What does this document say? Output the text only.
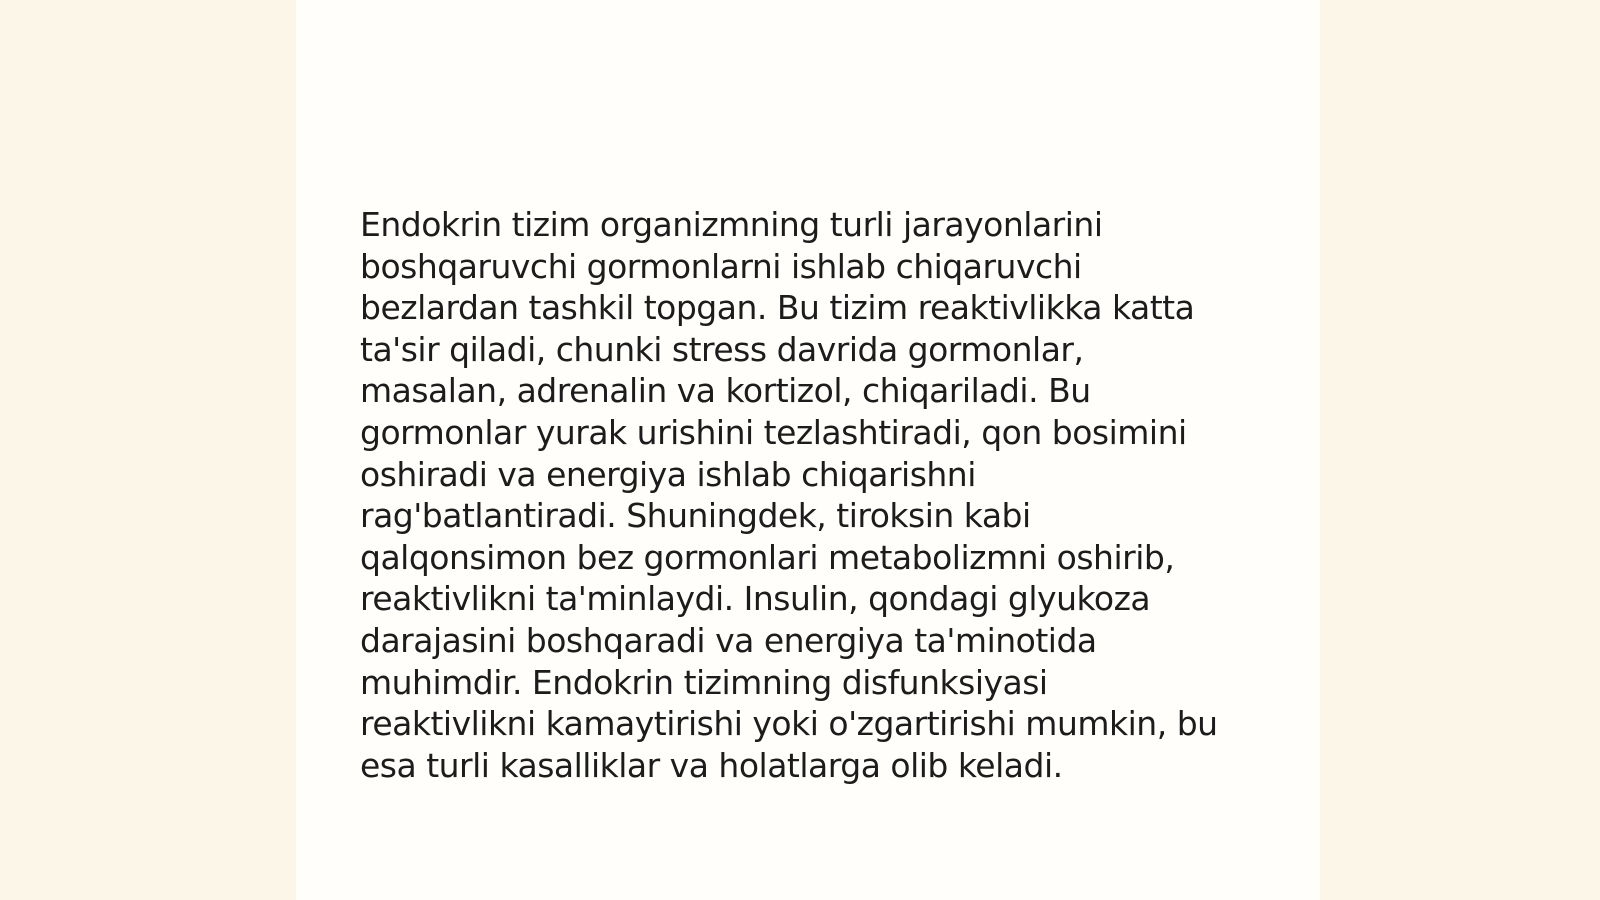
Endokrin tizim organizmning turli jarayonlarini
boshqaruvchi gormonlarni ishlab chiqaruvchi
bezlardan tashkil topgan. Bu tizim reaktivlikka katta
ta'sir qiladi, chunki stress davrida gormonlar,
masalan, adrenalin va kortizol, chiqariladi. Bu
gormonlar yurak urishini tezlashtiradi, qon bosimini
oshiradi va energiya ishlab chiqarishni
rag'batlantiradi. Shuningdek, tiroksin kabi
qalqonsimon bez gormonlari metabolizmni oshirib,
reaktivlikni ta'minlaydi. Insulin, qondagi glyukoza
darajasini boshqaradi va energiya ta'minotida
muhimdir. Endokrin tizimning disfunksiyasi
reaktivlikni kamaytirishi yoki o'zgartirishi mumkin, bu
esa turli kasalliklar va holatlarga olib keladi.
